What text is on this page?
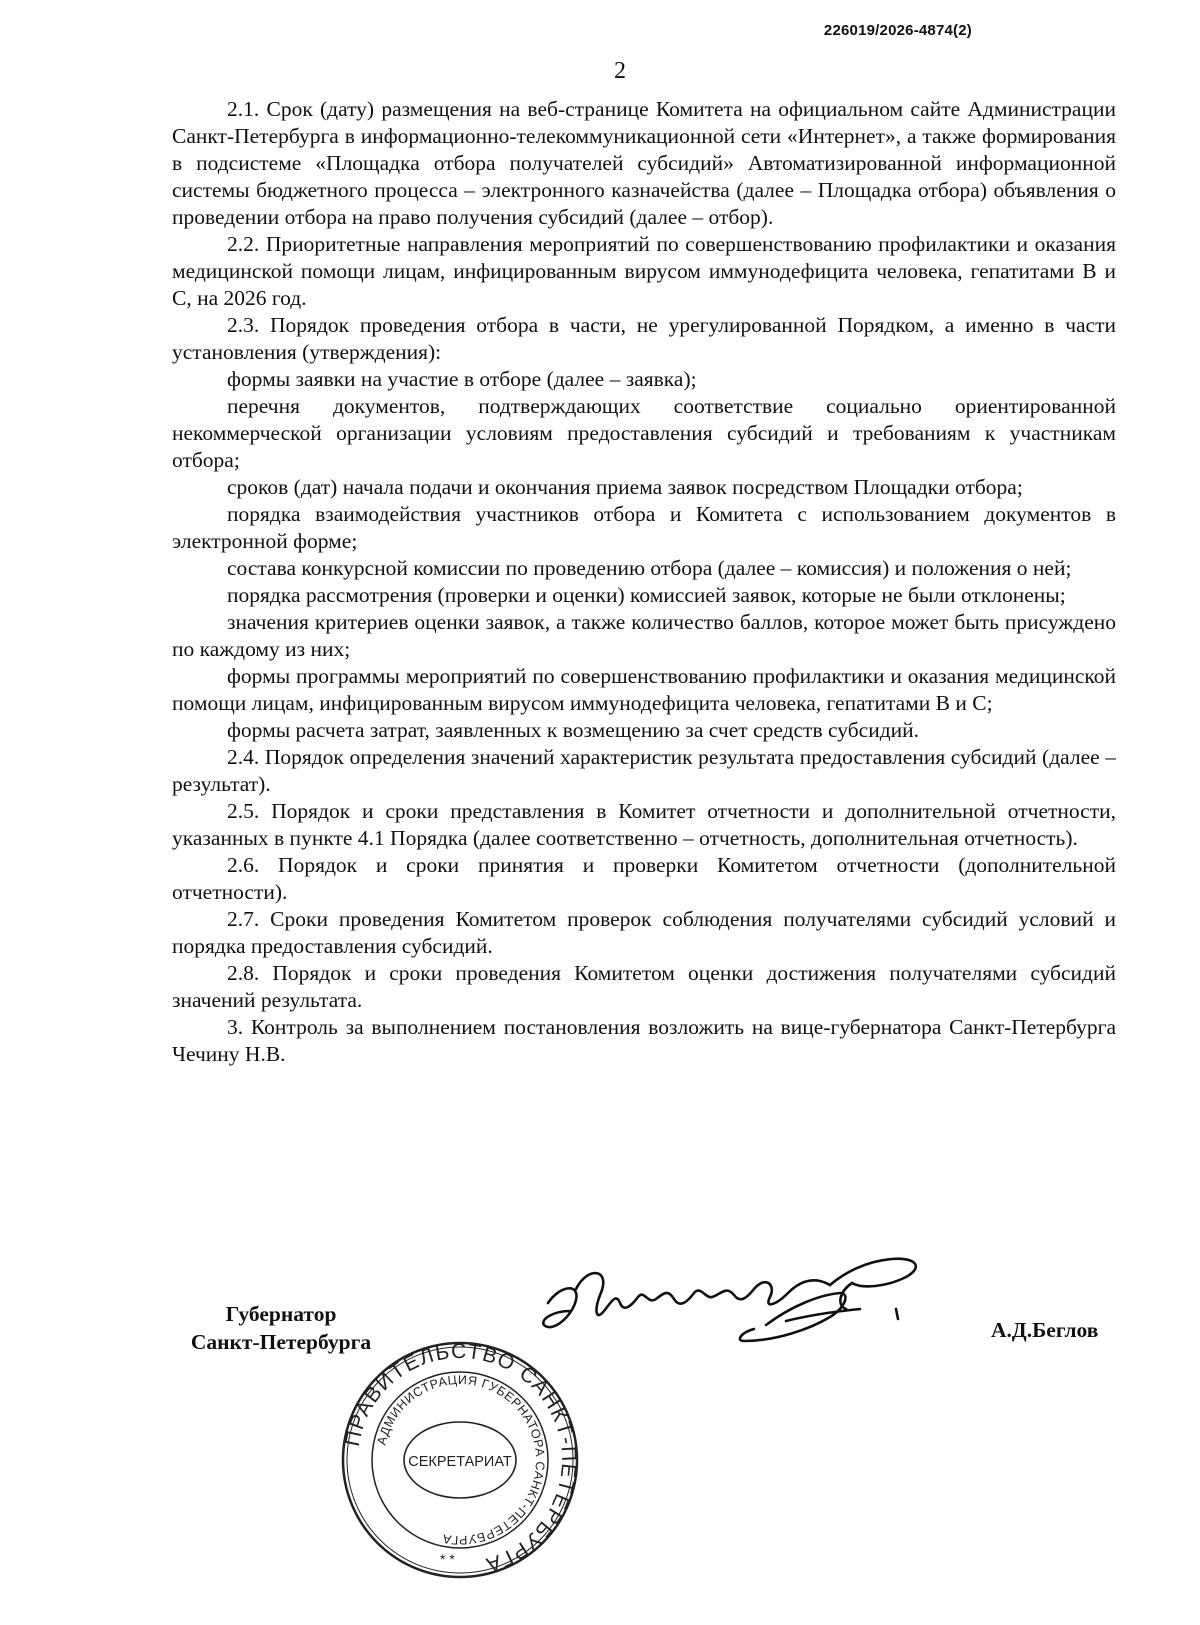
226019/2026-4874(2)
2

2.1. Срок (дату) размещения на веб-странице Комитета на официальном сайте Администрации Санкт-Петербурга в информационно-телекоммуникационной сети «Интернет», а также формирования в подсистеме «Площадка отбора получателей субсидий» Автоматизированной информационной системы бюджетного процесса – электронного казначейства (далее – Площадка отбора) объявления о проведении отбора на право получения субсидий (далее – отбор).

2.2. Приоритетные направления мероприятий по совершенствованию профилактики и оказания медицинской помощи лицам, инфицированным вирусом иммунодефицита человека, гепатитами В и С, на 2026 год.

2.3. Порядок проведения отбора в части, не урегулированной Порядком, а именно в части установления (утверждения):

формы заявки на участие в отборе (далее – заявка);

перечня документов, подтверждающих соответствие социально ориентированной некоммерческой организации условиям предоставления субсидий и требованиям к участникам отбора;

сроков (дат) начала подачи и окончания приема заявок посредством Площадки отбора;

порядка взаимодействия участников отбора и Комитета с использованием документов в электронной форме;

состава конкурсной комиссии по проведению отбора (далее – комиссия) и положения о ней;

порядка рассмотрения (проверки и оценки) комиссией заявок, которые не были отклонены;

значения критериев оценки заявок, а также количество баллов, которое может быть присуждено по каждому из них;

формы программы мероприятий по совершенствованию профилактики и оказания медицинской помощи лицам, инфицированным вирусом иммунодефицита человека, гепатитами В и С;

формы расчета затрат, заявленных к возмещению за счет средств субсидий.

2.4. Порядок определения значений характеристик результата предоставления субсидий (далее – результат).

2.5. Порядок и сроки представления в Комитет отчетности и дополнительной отчетности, указанных в пункте 4.1 Порядка (далее соответственно – отчетность, дополнительная отчетность).

2.6. Порядок и сроки принятия и проверки Комитетом отчетности (дополнительной отчетности).

2.7. Сроки проведения Комитетом проверок соблюдения получателями субсидий условий и порядка предоставления субсидий.

2.8. Порядок и сроки проведения Комитетом оценки достижения получателями субсидий значений результата.

3. Контроль за выполнением постановления возложить на вице-губернатора Санкт-Петербурга Чечину Н.В.

Губернатор
Санкт-Петербурга	А.Д.Беглов
ПРАВИТЕЛЬСТВО САНКТ-ПЕТЕРБУРГА
АДМИНИСТРАЦИЯ ГУБЕРНАТОРА САНКТ-ПЕТЕРБУРГА
СЕКРЕТАРИАТ
* *
